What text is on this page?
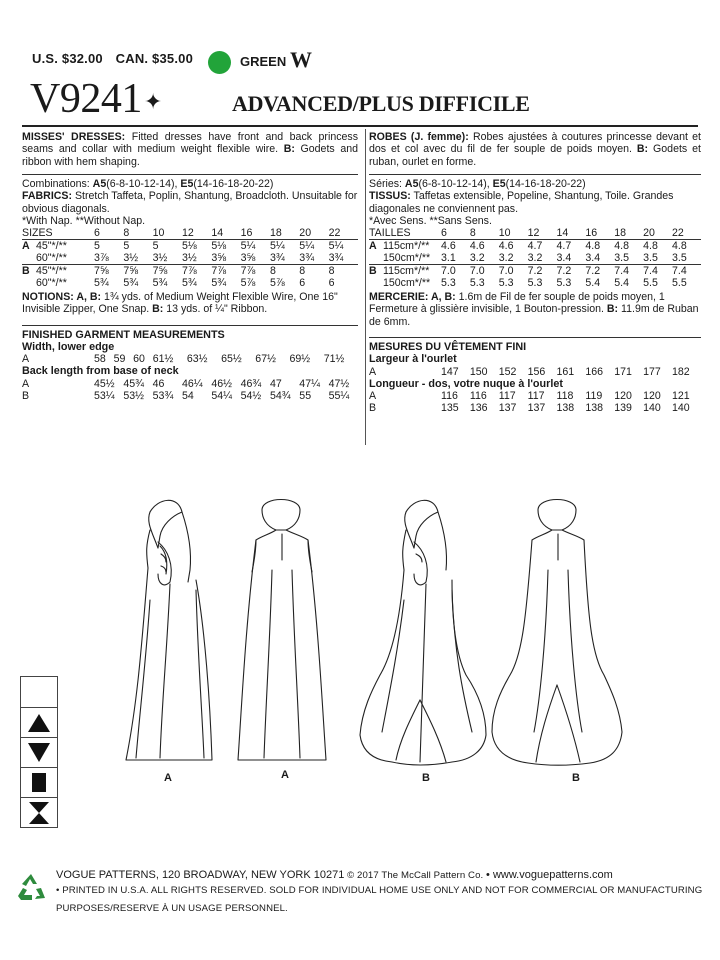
U.S. $32.00 CAN. $35.00	GREEN W
V9241✦	ADVANCED/PLUS DIFFICILE

MISSES' DRESSES: Fitted dresses have front and back princess seams and collar with medium weight flexible wire. B: Godets and ribbon with hem shaping.

Combinations: A5(6-8-10-12-14), E5(14-16-18-20-22)

FABRICS: Stretch Taffeta, Poplin, Shantung, Broadcloth. Unsuitable for obvious diagonals.

*With Nap. **Without Nap.

SIZES		6	8	10	12	14	16	18	20	22
A	45"*/**	5	5	5	5⅛	5⅛	5¼	5¼	5¼	5¼
	60"*/**	3⅞	3½	3½	3½	3⅝	3⅝	3¾	3¾	3¾
B	45"*/**	7⅝	7⅝	7⅝	7⅞	7⅞	7⅞	8	8	8
	60"*/**	5¾	5¾	5¾	5¾	5¾	5⅞	5⅞	6	6

NOTIONS: A, B: 1¾ yds. of Medium Weight Flexible Wire, One 16" Invisible Zipper, One Snap. B: 13 yds. of ¼" Ribbon.

FINISHED GARMENT MEASUREMENTS

Width, lower edge

A	58	59	60	61½	63½	65½	67½	69½	71½

Back length from base of neck

A	45½	45¾	46	46¼	46½	46¾	47	47¼	47½
B	53¼	53½	53¾	54	54¼	54½	54¾	55	55¼

ROBES (J. femme): Robes ajustées à coutures princesse devant et dos et col avec du fil de fer souple de poids moyen. B: Godets et ruban, ourlet en forme.

Séries: A5(6-8-10-12-14), E5(14-16-18-20-22)

TISSUS: Taffetas extensible, Popeline, Shantung, Toile. Grandes diagonales ne conviennent pas.

*Avec Sens. **Sans Sens.

TAILLES		6	8	10	12	14	16	18	20	22
A	115cm*/**	4.6	4.6	4.6	4.7	4.7	4.8	4.8	4.8	4.8
	150cm*/**	3.1	3.2	3.2	3.2	3.4	3.4	3.5	3.5	3.5
B	115cm*/**	7.0	7.0	7.0	7.2	7.2	7.2	7.4	7.4	7.4
	150cm*/**	5.3	5.3	5.3	5.3	5.3	5.4	5.4	5.5	5.5

MERCERIE: A, B: 1.6m de Fil de fer souple de poids moyen, 1 Fermeture à glissière invisible, 1 Bouton-pression. B: 11.9m de Ruban de 6mm.

MESURES DU VÊTEMENT FINI

Largeur à l'ourlet

A	147	150	152	156	161	166	171	177	182

Longueur - dos, votre nuque à l'ourlet

A	116	116	117	117	118	119	120	120	121
B	135	136	137	137	138	138	139	140	140
A	A	B	B
VOGUE PATTERNS, 120 BROADWAY, NEW YORK 10271 © 2017 The McCall Pattern Co. • www.voguepatterns.com
• PRINTED IN U.S.A. ALL RIGHTS RESERVED. SOLD FOR INDIVIDUAL HOME USE ONLY AND NOT FOR COMMERCIAL OR MANUFACTURING
PURPOSES/RESERVE À UN USAGE PERSONNEL.
